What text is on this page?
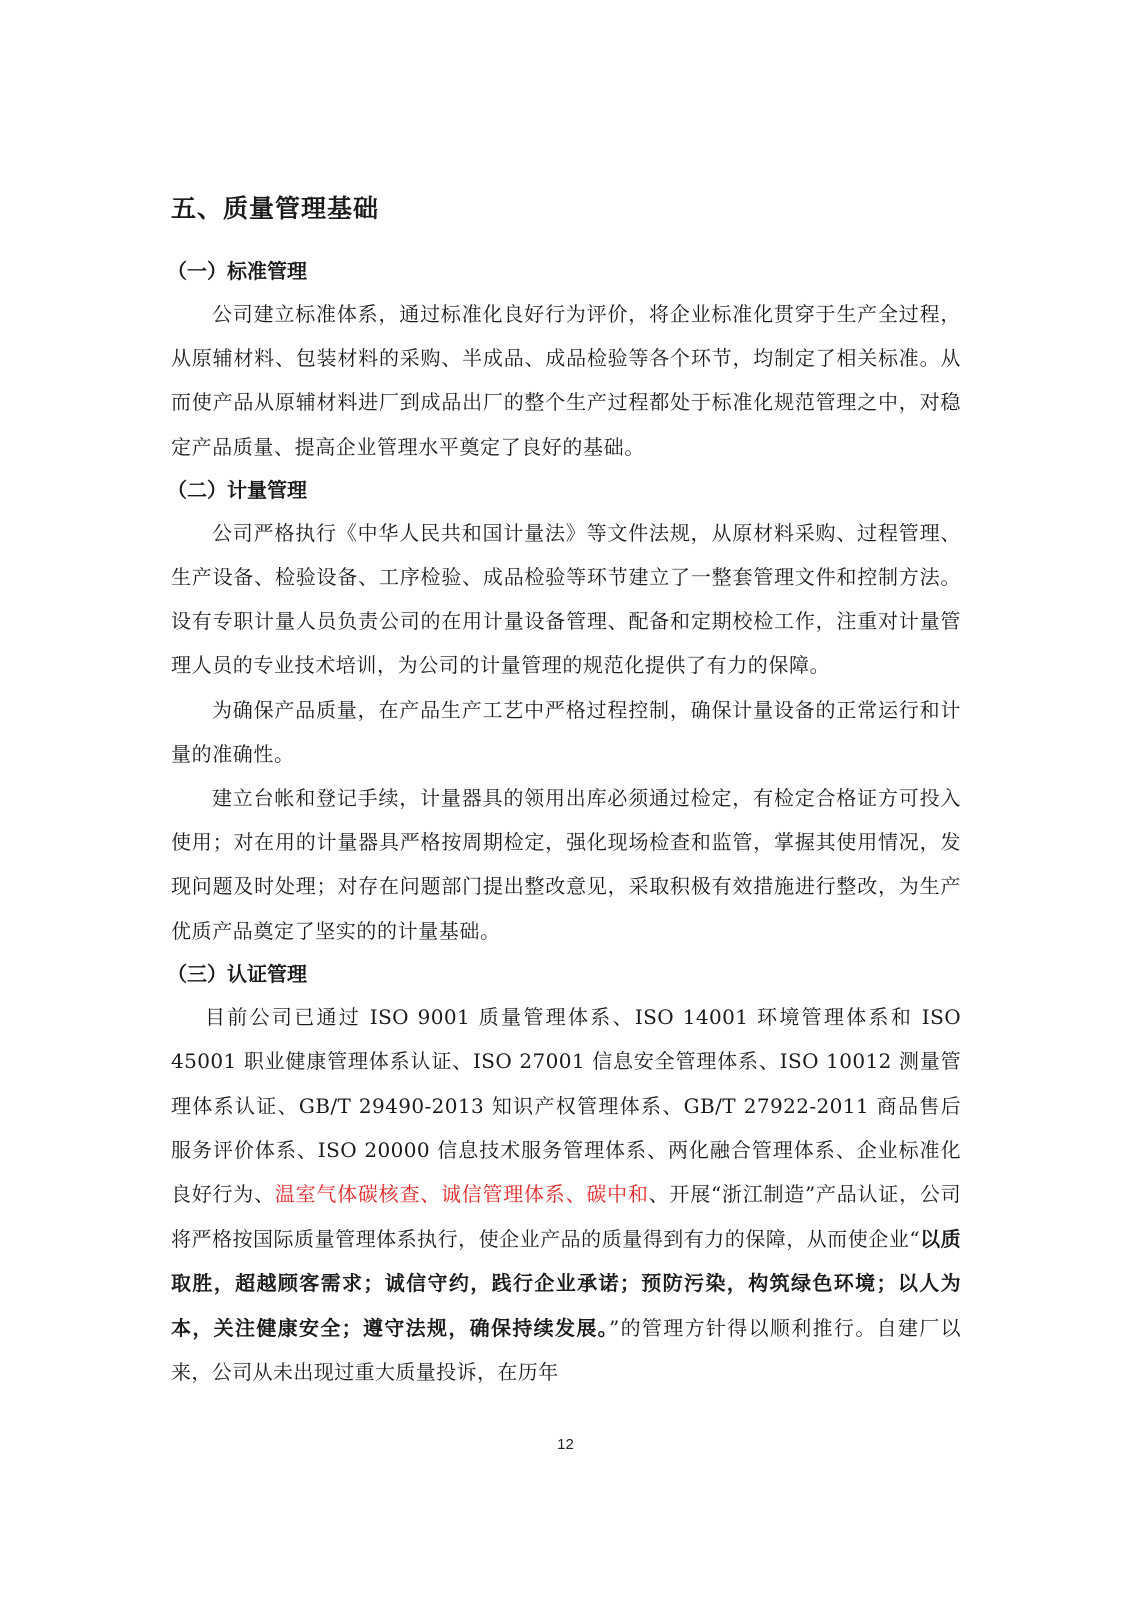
五、质量管理基础
（一）标准管理

公司建立标准体系，通过标准化良好行为评价，将企业标准化贯穿于生产全过程，从原辅材料、包装材料的采购、半成品、成品检验等各个环节，均制定了相关标准。从而使产品从原辅材料进厂到成品出厂的整个生产过程都处于标准化规范管理之中，对稳定产品质量、提高企业管理水平奠定了良好的基础。

（二）计量管理

公司严格执行《中华人民共和国计量法》等文件法规，从原材料采购、过程管理、生产设备、检验设备、工序检验、成品检验等环节建立了一整套管理文件和控制方法。设有专职计量人员负责公司的在用计量设备管理、配备和定期校检工作，注重对计量管理人员的专业技术培训，为公司的计量管理的规范化提供了有力的保障。

为确保产品质量，在产品生产工艺中严格过程控制，确保计量设备的正常运行和计量的准确性。

建立台帐和登记手续，计量器具的领用出库必须通过检定，有检定合格证方可投入使用；对在用的计量器具严格按周期检定，强化现场检查和监管，掌握其使用情况，发现问题及时处理；对存在问题部门提出整改意见，采取积极有效措施进行整改，为生产优质产品奠定了坚实的的计量基础。

（三）认证管理

目前公司已通过 ISO 9001 质量管理体系、ISO 14001 环境管理体系和 ISO 45001 职业健康管理体系认证、ISO 27001 信息安全管理体系、ISO 10012 测量管理体系认证、GB/T 29490-2013 知识产权管理体系、GB/T 27922-2011 商品售后服务评价体系、ISO 20000 信息技术服务管理体系、两化融合管理体系、企业标准化良好行为、温室气体碳核查、诚信管理体系、碳中和、开展“浙江制造”产品认证，公司将严格按国际质量管理体系执行，使企业产品的质量得到有力的保障，从而使企业“以质取胜，超越顾客需求；诚信守约，践行企业承诺；预防污染，构筑绿色环境；以人为本，关注健康安全；遵守法规，确保持续发展。”的管理方针得以顺利推行。自建厂以来，公司从未出现过重大质量投诉，在历年

12
